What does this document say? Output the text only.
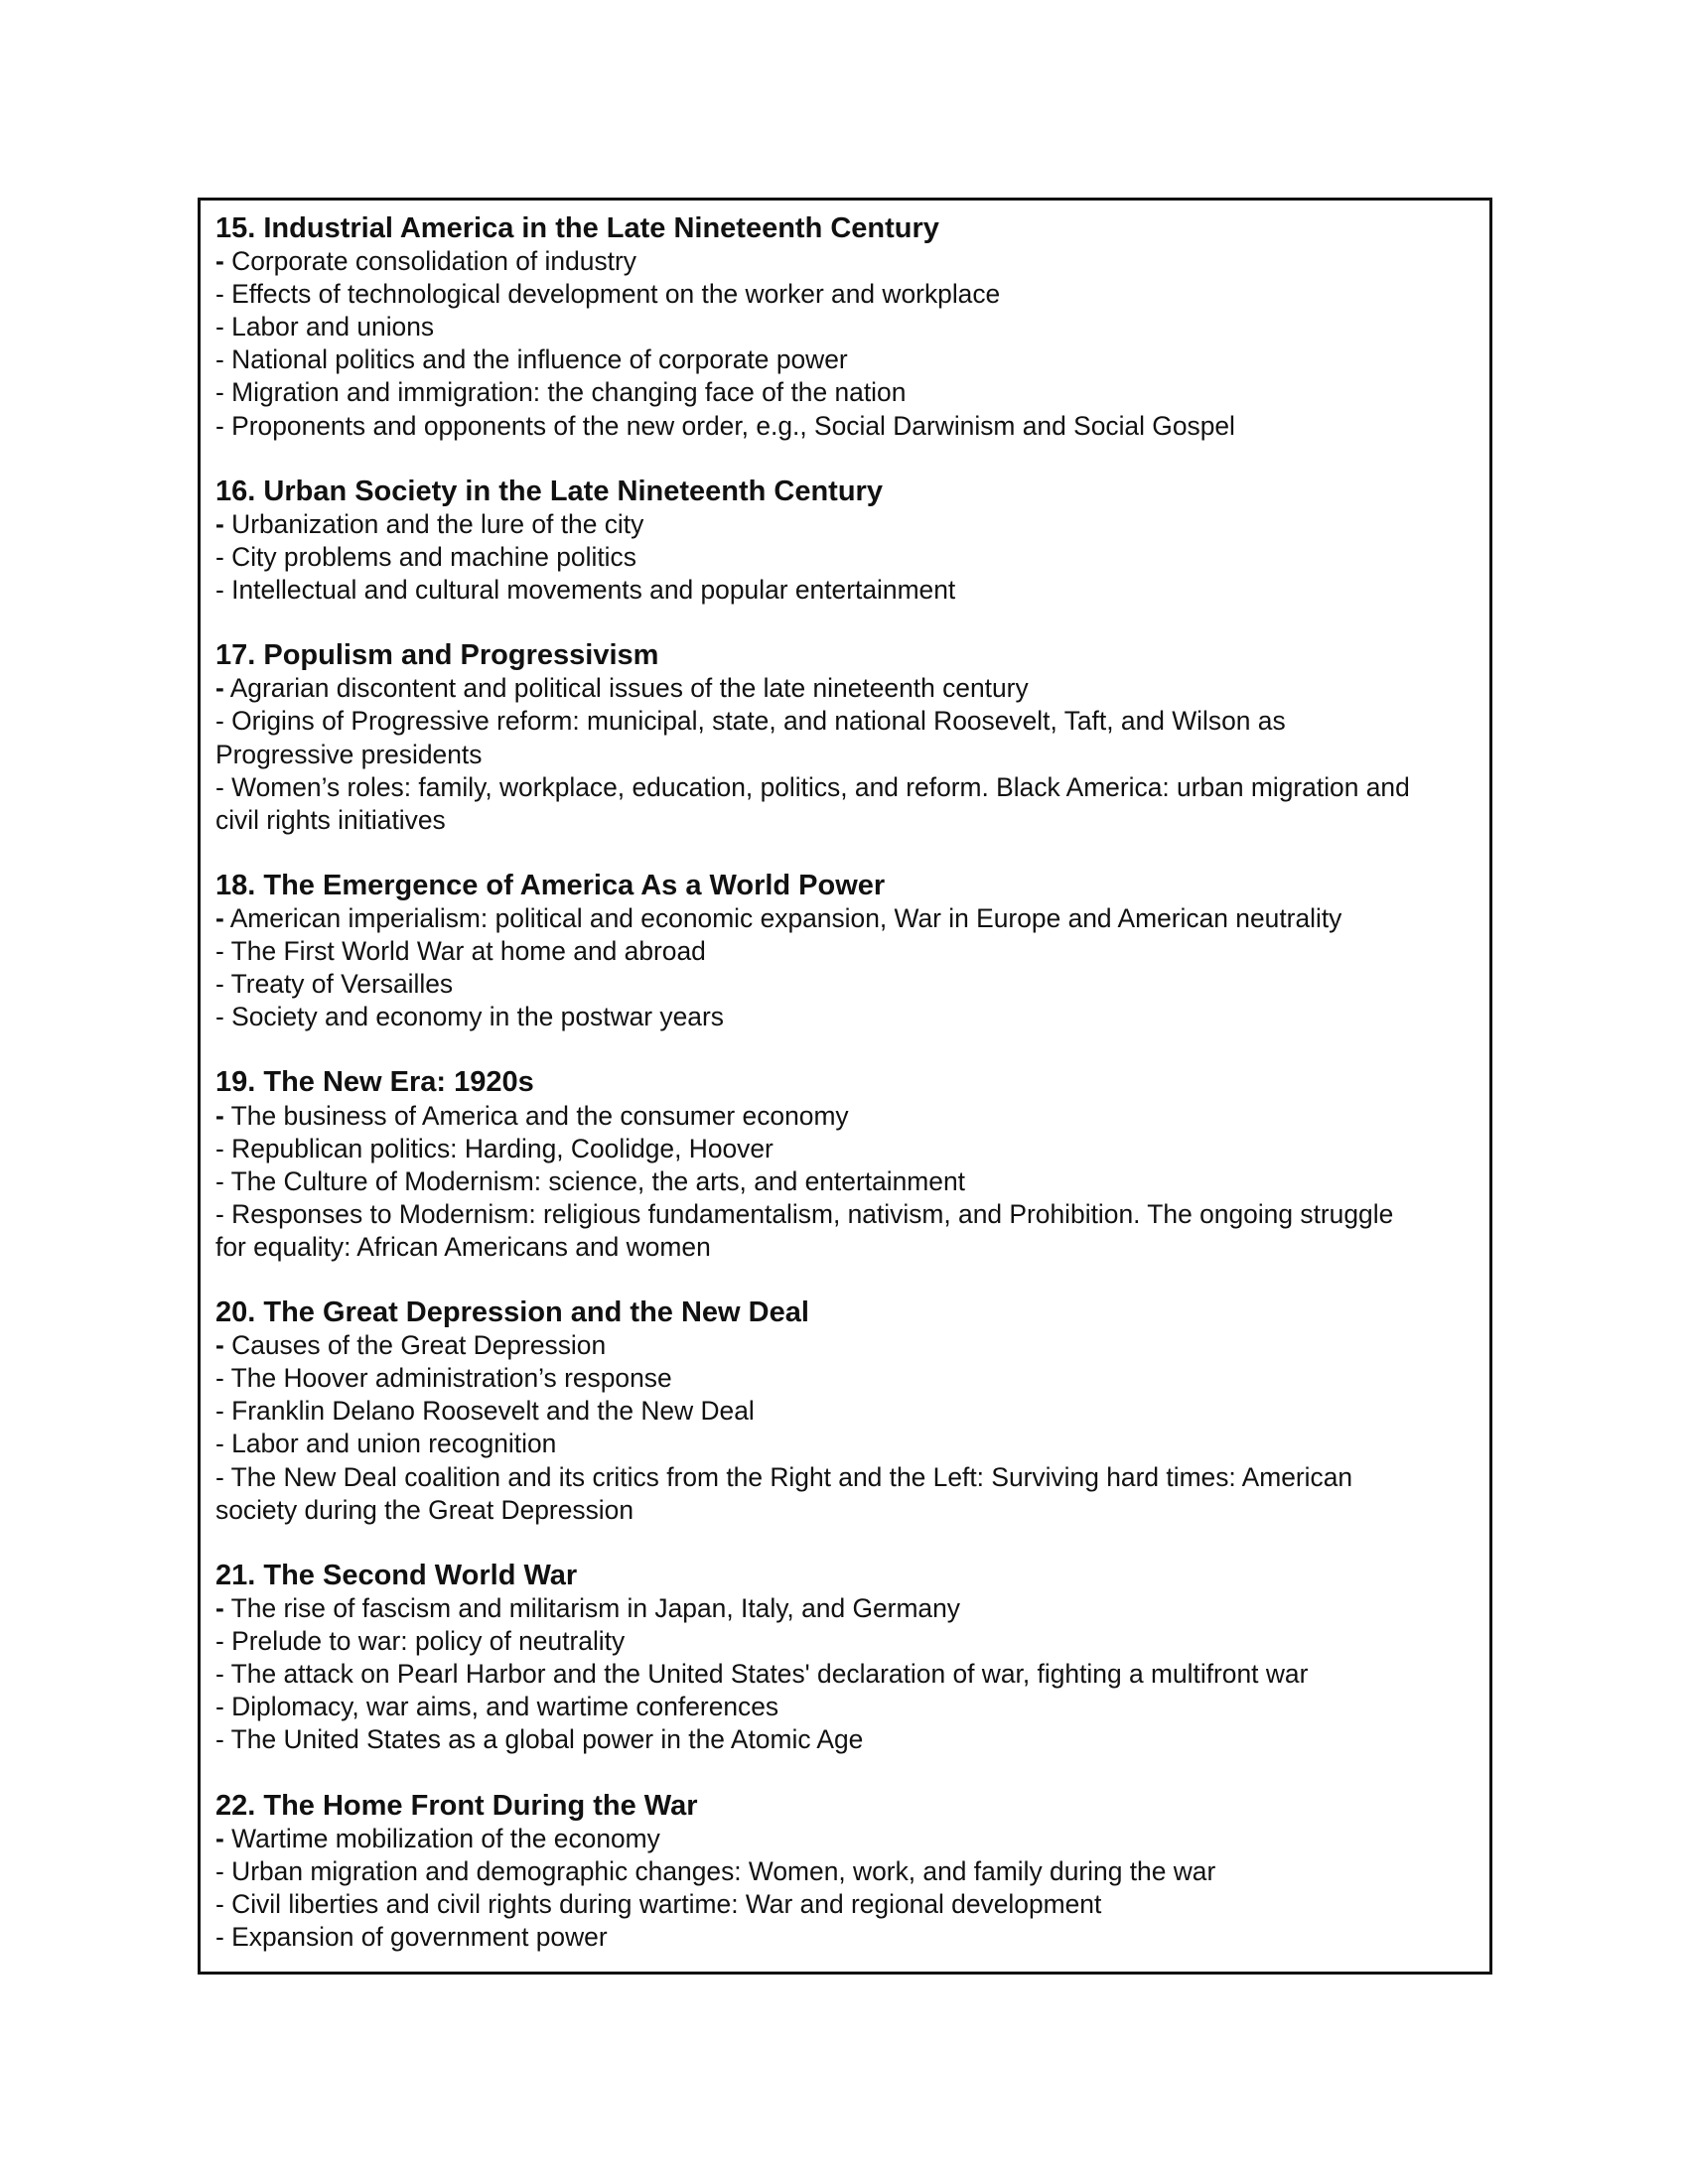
15. Industrial America in the Late Nineteenth Century
- Corporate consolidation of industry
- Effects of technological development on the worker and workplace
- Labor and unions
- National politics and the influence of corporate power
- Migration and immigration: the changing face of the nation
- Proponents and opponents of the new order, e.g., Social Darwinism and Social Gospel
16. Urban Society in the Late Nineteenth Century
- Urbanization and the lure of the city
- City problems and machine politics
- Intellectual and cultural movements and popular entertainment
17. Populism and Progressivism
- Agrarian discontent and political issues of the late nineteenth century
- Origins of Progressive reform: municipal, state, and national Roosevelt, Taft, and Wilson as
Progressive presidents
- Women’s roles: family, workplace, education, politics, and reform. Black America: urban migration and
civil rights initiatives
18. The Emergence of America As a World Power
- American imperialism: political and economic expansion, War in Europe and American neutrality
- The First World War at home and abroad
- Treaty of Versailles
- Society and economy in the postwar years
19. The New Era: 1920s
- The business of America and the consumer economy
- Republican politics: Harding, Coolidge, Hoover
- The Culture of Modernism: science, the arts, and entertainment
- Responses to Modernism: religious fundamentalism, nativism, and Prohibition. The ongoing struggle
for equality: African Americans and women
20. The Great Depression and the New Deal
- Causes of the Great Depression
- The Hoover administration’s response
- Franklin Delano Roosevelt and the New Deal
- Labor and union recognition
- The New Deal coalition and its critics from the Right and the Left: Surviving hard times: American
society during the Great Depression
21. The Second World War
- The rise of fascism and militarism in Japan, Italy, and Germany
- Prelude to war: policy of neutrality
- The attack on Pearl Harbor and the United States' declaration of war, fighting a multifront war
- Diplomacy, war aims, and wartime conferences
- The United States as a global power in the Atomic Age
22. The Home Front During the War
- Wartime mobilization of the economy
- Urban migration and demographic changes: Women, work, and family during the war
- Civil liberties and civil rights during wartime: War and regional development
- Expansion of government power
